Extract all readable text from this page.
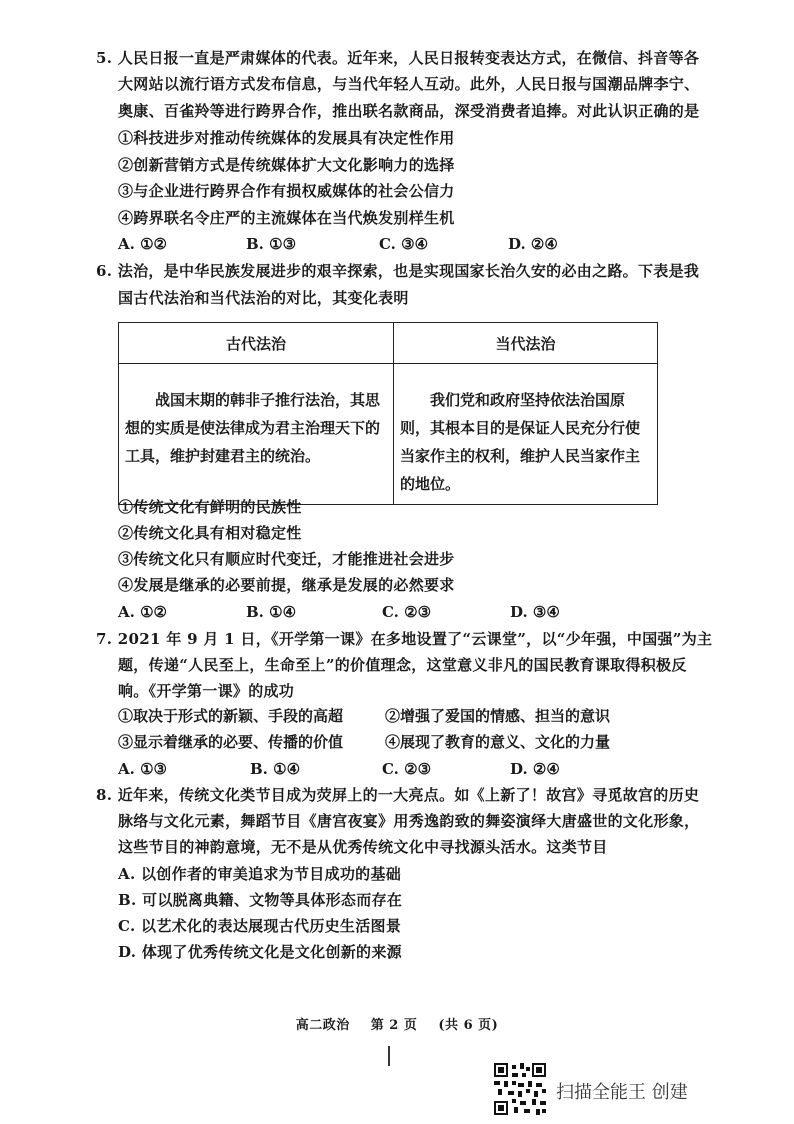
5. 人民日报一直是严肃媒体的代表。近年来，人民日报转变表达方式，在微信、抖音等各
大网站以流行语方式发布信息，与当代年轻人互动。此外，人民日报与国潮品牌李宁、
奥康、百雀羚等进行跨界合作，推出联名款商品，深受消费者追捧。对此认识正确的是
①科技进步对推动传统媒体的发展具有决定性作用
②创新营销方式是传统媒体扩大文化影响力的选择
③与企业进行跨界合作有损权威媒体的社会公信力
④跨界联名令庄严的主流媒体在当代焕发别样生机
A. ①②	B. ①③	C. ③④	D. ②④
6. 法治，是中华民族发展进步的艰辛探索，也是实现国家长治久安的必由之路。下表是我
国古代法治和当代法治的对比，其变化表明
古代法治	当代法治
战国末期的韩非子推行法治，其思想的实质是使法律成为君主治理天下的工具，维护封建君主的统治。	我们党和政府坚持依法治国原则，其根本目的是保证人民充分行使当家作主的权利，维护人民当家作主的地位。
①传统文化有鲜明的民族性
②传统文化具有相对稳定性
③传统文化只有顺应时代变迁，才能推进社会进步
④发展是继承的必要前提，继承是发展的必然要求
A. ①②	B. ①④	C. ②③	D. ③④
7. 2021 年 9 月 1 日，《开学第一课》在多地设置了“云课堂”，以“少年强，中国强”为主
题，传递“人民至上，生命至上”的价值理念，这堂意义非凡的国民教育课取得积极反
响。《开学第一课》的成功
①取决于形式的新颖、手段的高超	②增强了爱国的情感、担当的意识
③显示着继承的必要、传播的价值	④展现了教育的意义、文化的力量
A. ①③	B. ①④	C. ②③	D. ②④
8. 近年来，传统文化类节目成为荧屏上的一大亮点。如《上新了！故宫》寻觅故宫的历史
脉络与文化元素，舞蹈节目《唐宫夜宴》用秀逸韵致的舞姿演绎大唐盛世的文化形象，
这些节目的神韵意境，无不是从优秀传统文化中寻找源头活水。这类节目
A. 以创作者的审美追求为节目成功的基础
B. 可以脱离典籍、文物等具体形态而存在
C. 以艺术化的表达展现古代历史生活图景
D. 体现了优秀传统文化是文化创新的来源
高二政治 第 2 页 (共 6 页)
扫描全能王 创建
